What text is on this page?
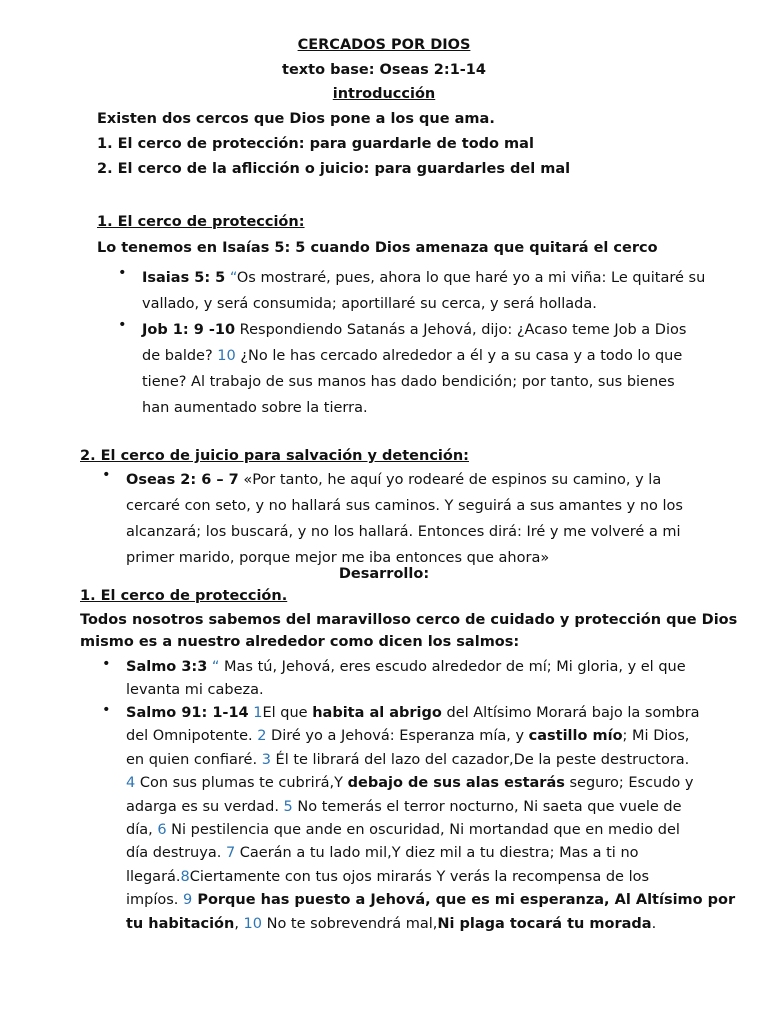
CERCADOS POR DIOS
texto base: Oseas 2:1-14
introducción
Existen dos cercos que Dios pone a los que ama.
1. El cerco de protección: para guardarle de todo mal
2. El cerco de la aflicción o juicio: para guardarles del mal
1. El cerco de protección:
Lo tenemos en Isaías 5: 5 cuando Dios amenaza que quitará el cerco
• Isaias 5: 5 “Os mostraré, pues, ahora lo que haré yo a mi viña: Le quitaré su
vallado, y será consumida; aportillaré su cerca, y será hollada.
• Job 1: 9 -10 Respondiendo Satanás a Jehová, dijo: ¿Acaso teme Job a Dios
de balde? 10 ¿No le has cercado alrededor a él y a su casa y a todo lo que
tiene? Al trabajo de sus manos has dado bendición; por tanto, sus bienes
han aumentado sobre la tierra.
2. El cerco de juicio para salvación y detención:
• Oseas 2: 6 – 7 «Por tanto, he aquí yo rodearé de espinos su camino, y la
cercaré con seto, y no hallará sus caminos. Y seguirá a sus amantes y no los
alcanzará; los buscará, y no los hallará. Entonces dirá: Iré y me volveré a mi
primer marido, porque mejor me iba entonces que ahora»
Desarrollo:
1. El cerco de protección.
Todos nosotros sabemos del maravilloso cerco de cuidado y protección que Dios
mismo es a nuestro alrededor como dicen los salmos:
• Salmo 3:3 “ Mas tú, Jehová, eres escudo alrededor de mí; Mi gloria, y el que
levanta mi cabeza.
• Salmo 91: 1-14 1El que habita al abrigo del Altísimo Morará bajo la sombra
del Omnipotente. 2 Diré yo a Jehová: Esperanza mía, y castillo mío; Mi Dios,
en quien confiaré. 3 Él te librará del lazo del cazador,De la peste destructora.
4 Con sus plumas te cubrirá,Y debajo de sus alas estarás seguro; Escudo y
adarga es su verdad. 5 No temerás el terror nocturno, Ni saeta que vuele de
día, 6 Ni pestilencia que ande en oscuridad, Ni mortandad que en medio del
día destruya. 7 Caerán a tu lado mil,Y diez mil a tu diestra; Mas a ti no
llegará.8Ciertamente con tus ojos mirarás Y verás la recompensa de los
impíos. 9 Porque has puesto a Jehová, que es mi esperanza, Al Altísimo por
tu habitación, 10 No te sobrevendrá mal,Ni plaga tocará tu morada.
